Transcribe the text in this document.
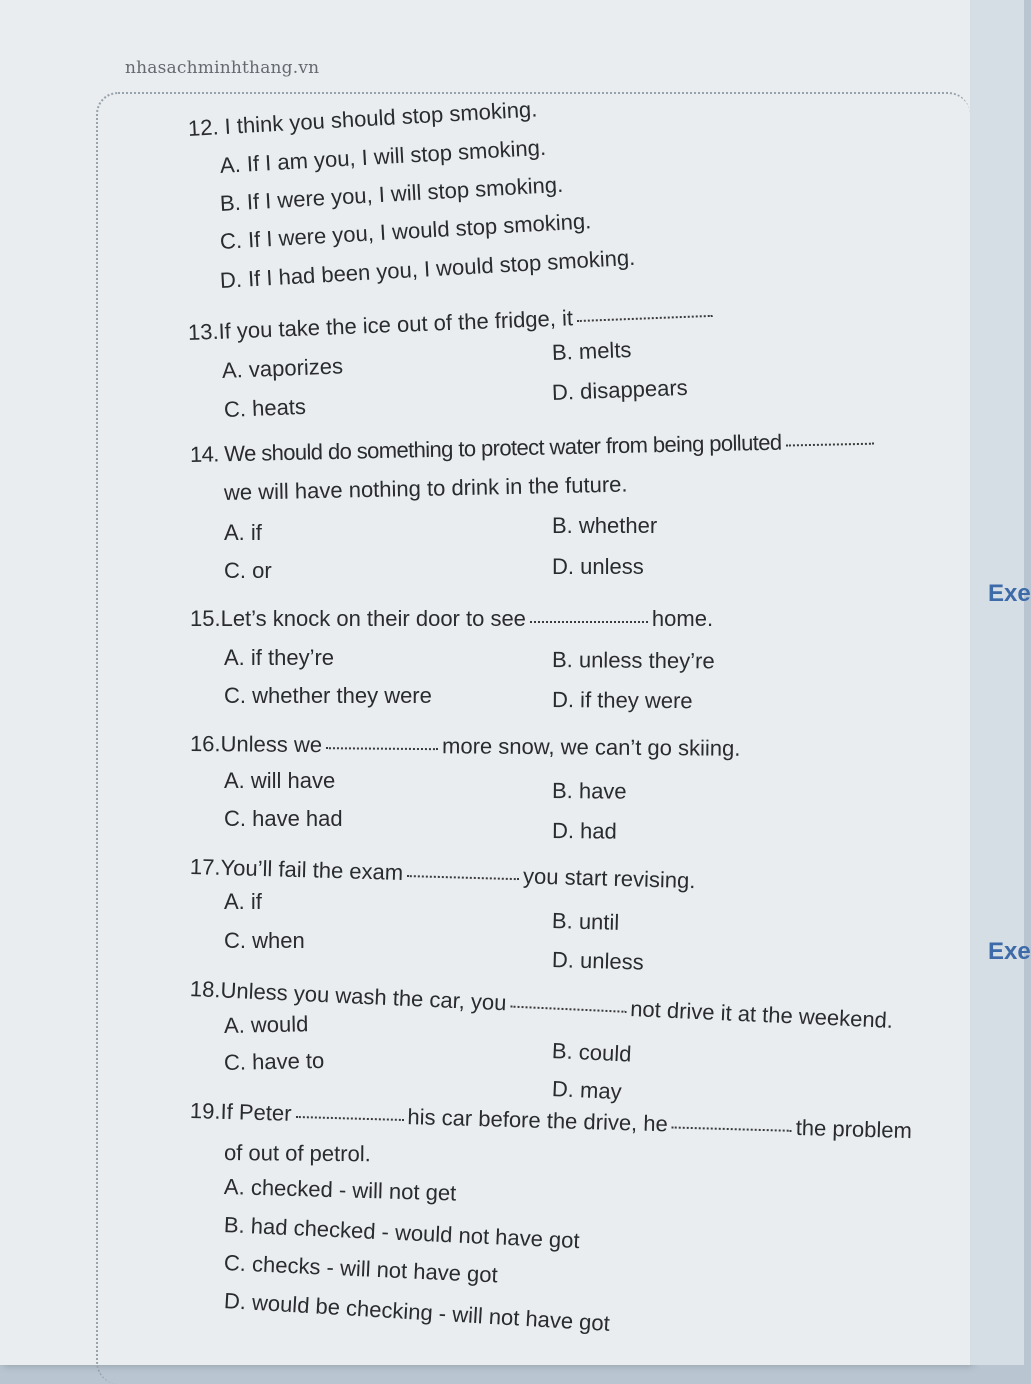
nhasachminhthang.vn
Exe
Exe
12. I think you should stop smoking.
A. If I am you, I will stop smoking.
B. If I were you, I will stop smoking.
C. If I were you, I would stop smoking.
D. If I had been you, I would stop smoking.
13.If you take the ice out of the fridge, it
A. vaporizes
B. melts
C. heats
D. disappears
14. We should do something to protect water from being polluted
we will have nothing to drink in the future.
A. if	B. whether
C. or	D. unless
15.Let’s knock on their door to see	home.
A. if they’re	B. unless they’re
C. whether they were	D. if they were
16.Unless we	more snow, we can’t go skiing.
A. will have	B. have
C. have had	D. had
17.You’ll fail the exam	you start revising.
A. if
B. until
C. when
D. unless
18.Unless you wash the car, you	not drive it at the weekend.
A. would
B. could
C. have to
D. may
19.If Peter	his car before the drive, he	the problem
of out of petrol.
A. checked - will not get
B. had checked - would not have got
C. checks - will not have got
D. would be checking - will not have got
